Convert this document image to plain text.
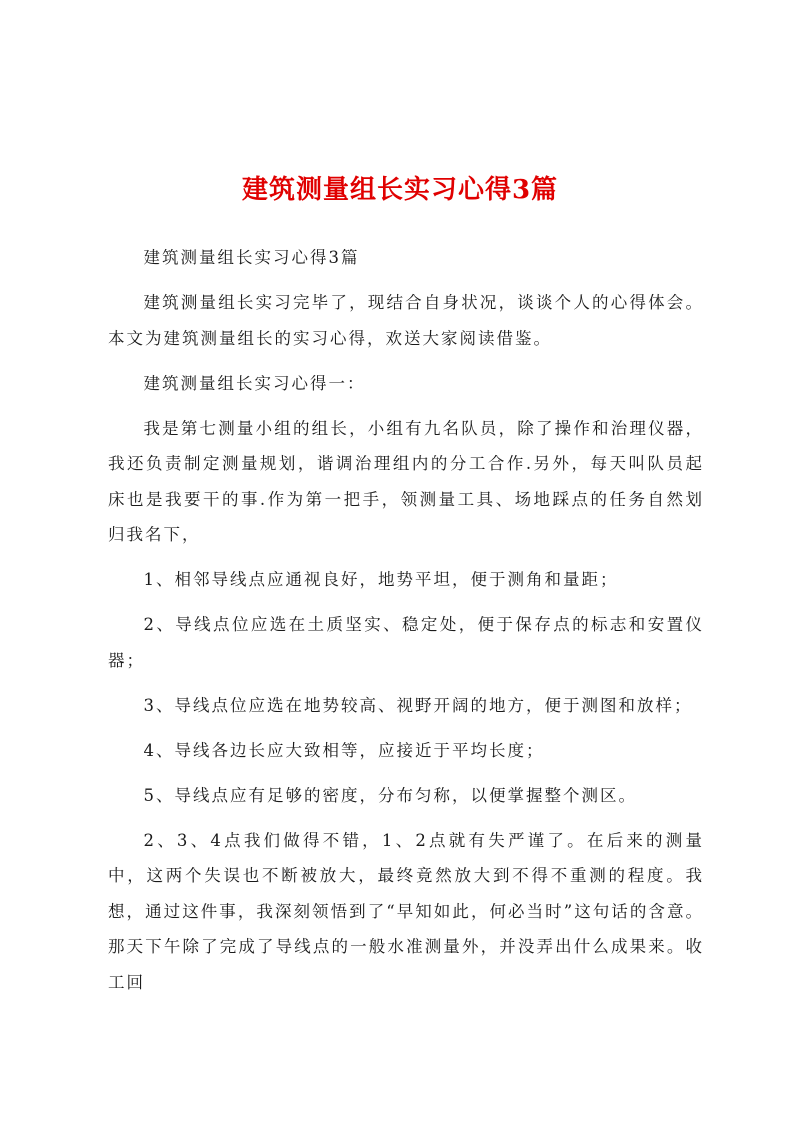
建筑测量组长实习心得3篇

建筑测量组长实习心得3篇

建筑测量组长实习完毕了，现结合自身状况，谈谈个人的心得体会。本文为建筑测量组长的实习心得，欢送大家阅读借鉴。

建筑测量组长实习心得一：

我是第七测量小组的组长，小组有九名队员，除了操作和治理仪器，我还负责制定测量规划，谐调治理组内的分工合作.另外，每天叫队员起床也是我要干的事.作为第一把手，领测量工具、场地踩点的任务自然划归我名下，

1、相邻导线点应通视良好，地势平坦，便于测角和量距；

2、导线点位应选在土质坚实、稳定处，便于保存点的标志和安置仪器；

3、导线点位应选在地势较高、视野开阔的地方，便于测图和放样；

4、导线各边长应大致相等，应接近于平均长度；

5、导线点应有足够的密度，分布匀称，以便掌握整个测区。

2、3、4点我们做得不错，1、2点就有失严谨了。在后来的测量中，这两个失误也不断被放大，最终竟然放大到不得不重测的程度。我想，通过这件事，我深刻领悟到了“早知如此，何必当时”这句话的含意。那天下午除了完成了导线点的一般水准测量外，并没弄出什么成果来。收工回
